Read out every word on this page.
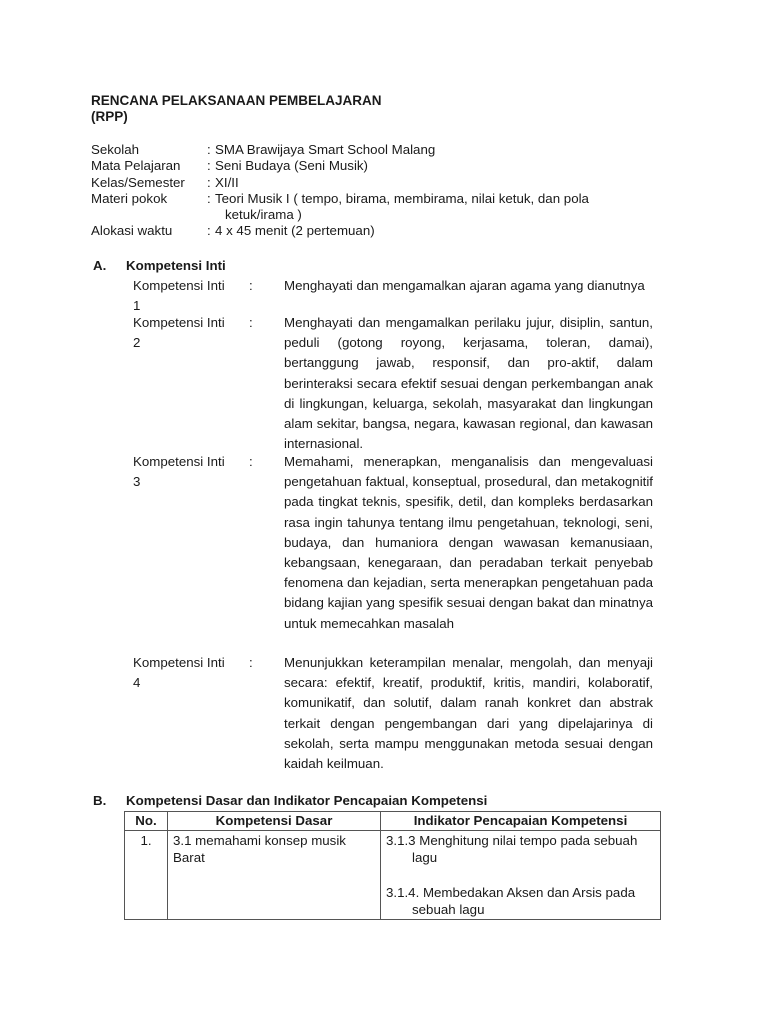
RENCANA PELAKSANAAN PEMBELAJARAN
(RPP)
Sekolah	: SMA Brawijaya Smart School Malang
Mata Pelajaran	: Seni Budaya (Seni Musik)
Kelas/Semester	: XI/II
Materi pokok	: Teori Musik I ( tempo, birama, membirama, nilai ketuk, dan pola
ketuk/irama )
Alokasi waktu	: 4 x 45 menit (2 pertemuan)
A.	Kompetensi Inti
Kompetensi Inti
1
:	Menghayati dan mengamalkan ajaran agama yang dianutnya
Kompetensi Inti
2
:	Menghayati dan mengamalkan perilaku jujur, disiplin, santun, peduli (gotong royong, kerjasama, toleran, damai), bertanggung jawab, responsif, dan pro-aktif, dalam berinteraksi secara efektif sesuai dengan perkembangan anak di lingkungan, keluarga, sekolah, masyarakat dan lingkungan alam sekitar, bangsa, negara, kawasan regional, dan kawasan internasional.
Kompetensi Inti
3
:	Memahami, menerapkan, menganalisis dan mengevaluasi pengetahuan faktual, konseptual, prosedural, dan metakognitif pada tingkat teknis, spesifik, detil, dan kompleks berdasarkan rasa ingin tahunya tentang ilmu pengetahuan, teknologi, seni, budaya, dan humaniora dengan wawasan kemanusiaan, kebangsaan, kenegaraan, dan peradaban terkait penyebab fenomena dan kejadian, serta menerapkan pengetahuan pada bidang kajian yang spesifik sesuai dengan bakat dan minatnya untuk memecahkan masalah
Kompetensi Inti
4
:	Menunjukkan keterampilan menalar, mengolah, dan menyaji secara: efektif, kreatif, produktif, kritis, mandiri, kolaboratif, komunikatif, dan solutif, dalam ranah konkret dan abstrak terkait dengan pengembangan dari yang dipelajarinya di sekolah, serta mampu menggunakan metoda sesuai dengan kaidah keilmuan.
B.	Kompetensi Dasar dan Indikator Pencapaian Kompetensi
No.	Kompetensi Dasar	Indikator Pencapaian Kompetensi
1.	3.1 memahami konsep musik Barat	3.1.3 Menghitung nilai tempo pada sebuah lagu
3.1.4. Membedakan Aksen dan Arsis pada sebuah lagu
